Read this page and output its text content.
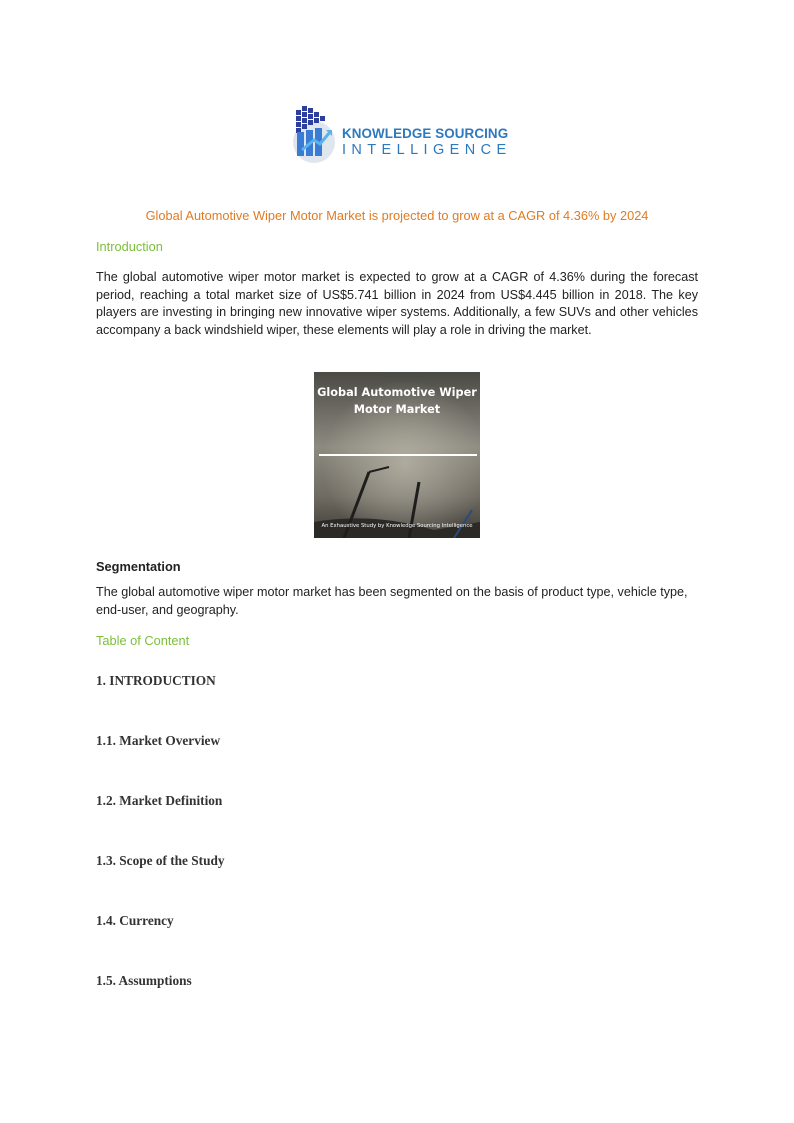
KNOWLEDGE SOURCING
INTELLIGENCE
Global Automotive Wiper Motor Market is projected to grow at a CAGR of 4.36% by 2024
Introduction
The global automotive wiper motor market is expected to grow at a CAGR of 4.36% during the forecast period, reaching a total market size of US$5.741 billion in 2024 from US$4.445 billion in 2018. The key players are investing in bringing new innovative wiper systems. Additionally, a few SUVs and other vehicles accompany a back windshield wiper, these elements will play a role in driving the market.
Global Automotive Wiper Motor Market
An Exhaustive Study by Knowledge Sourcing Intelligence
Segmentation
The global automotive wiper motor market has been segmented on the basis of product type, vehicle type, end-user, and geography.
Table of Content
1. INTRODUCTION
1.1. Market Overview
1.2. Market Definition
1.3. Scope of the Study
1.4. Currency
1.5. Assumptions
